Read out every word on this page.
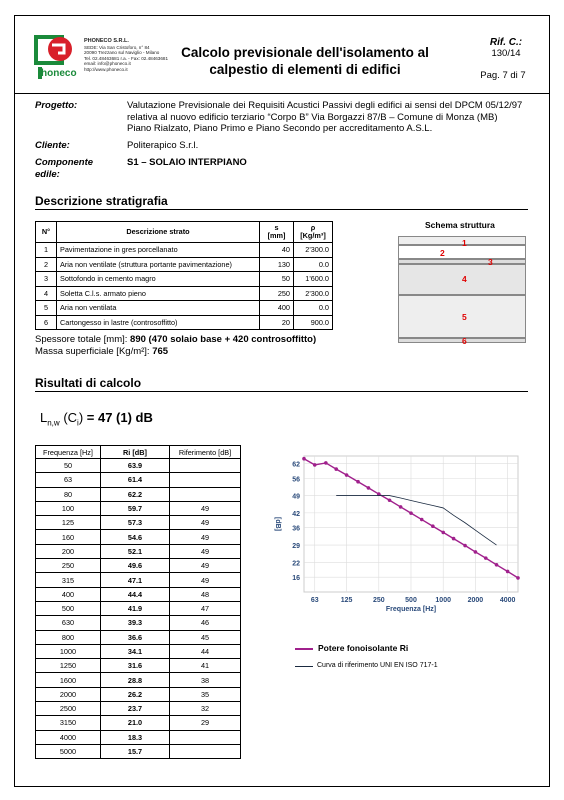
honeco
PHONECO S.R.L.
SEDE: Via San Cristoforo, n° 84
20090 Trezzano sul Naviglio - Milano
Tel. 02.48463681 r.a. - Fax: 02.48463681
email: info@phoneco.it
http://www.phoneco.it
Calcolo previsionale dell'isolamento al
calpestio di elementi di edifici
Rif. C.:
130/14
Pag. 7 di 7
Progetto:	Valutazione Previsionale dei Requisiti Acustici Passivi degli edifici ai sensi del DPCM 05/12/97
relativa al nuovo edificio terziario “Corpo B” Via Borgazzi 87/B – Comune di Monza (MB)
Piano Rialzato, Piano Primo e Piano Secondo per accreditamento A.S.L.
Cliente:	Politerapico S.r.l.
Componente edile:
S1 – SOLAIO INTERPIANO
Descrizione stratigrafia
N°	Descrizione strato	s
[mm]	ρ
[Kg/m³]
1	Pavimentazione in gres porcellanato	40	2'300.0
2	Aria non ventilate (struttura portante pavimentazione)	130	0.0
3	Sottofondo in cemento magro	50	1'600.0
4	Soletta C.l.s. armato pieno	250	2'300.0
5	Aria non ventilata	400	0.0
6	Cartongesso in lastre (controsoffitto)	20	900.0
Schema struttura
1
2
3
4
5
6
Spessore totale [mm]: 890 (470 solaio base + 420 controsoffitto)
Massa superficiale [Kg/m²]: 765
Risultati di calcolo
$L_{n,w}$ $(C_i) = 47$ (1) dB
Frequenza [Hz]	Ri [dB]	Riferimento [dB]
50	63.9	
63	61.4	
80	62.2	
100	59.7	49
125	57.3	49
160	54.6	49
200	52.1	49
250	49.6	49
315	47.1	49
400	44.4	48
500	41.9	47
630	39.3	46
800	36.6	45
1000	34.1	44
1250	31.6	41
1600	28.8	38
2000	26.2	35
2500	23.7	32
3150	21.0	29
4000	18.3	
5000	15.7	
62
56
49
42
36
29
22
16
63	125	250	500	1000 2000 4000
Frequenza [Hz]
[dB]
Potere fonoisolante Ri
Curva di riferimento UNI EN ISO 717-1
